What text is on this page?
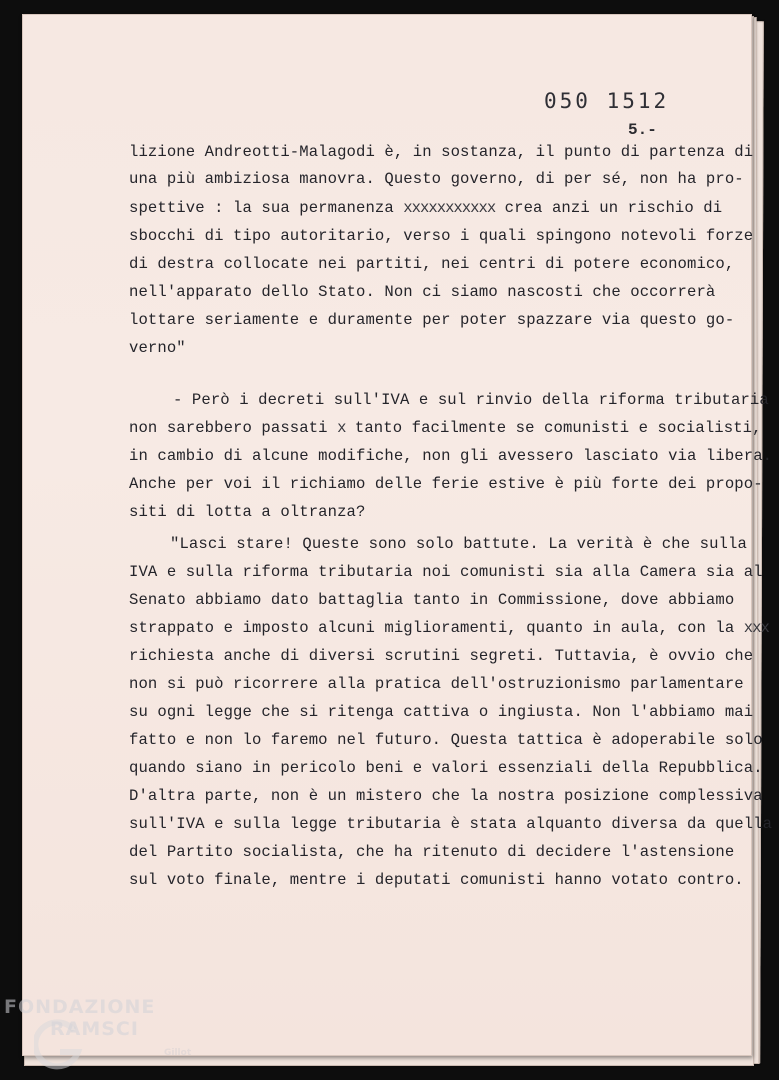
050 1512
5.-
lizione Andreotti-Malagodi è, in sostanza, il punto di partenza di
una più ambiziosa manovra. Questo governo, di per sé, non ha pro-
spettive : la sua permanenza xxxxxxxxxxx crea anzi un rischio di
sbocchi di tipo autoritario, verso i quali spingono notevoli forze
di destra collocate nei partiti, nei centri di potere economico,
nell'apparato dello Stato. Non ci siamo nascosti che occorrerà
lottare seriamente e duramente per poter spazzare via questo go-
verno"
- Però i decreti sull'IVA e sul rinvio della riforma tributaria
non sarebbero passati x tanto facilmente se comunisti e socialisti,
in cambio di alcune modifiche, non gli avessero lasciato via libera.
Anche per voi il richiamo delle ferie estive è più forte dei propo-
siti di lotta a oltranza?
"Lasci stare! Queste sono solo battute. La verità è che sulla
IVA e sulla riforma tributaria noi comunisti sia alla Camera sia al
Senato abbiamo dato battaglia tanto in Commissione, dove abbiamo
strappato e imposto alcuni miglioramenti, quanto in aula, con la xxx
richiesta anche di diversi scrutini segreti. Tuttavia, è ovvio che
non si può ricorrere alla pratica dell'ostruzionismo parlamentare
su ogni legge che si ritenga cattiva o ingiusta. Non l'abbiamo mai
fatto e non lo faremo nel futuro. Questa tattica è adoperabile solo
quando siano in pericolo beni e valori essenziali della Repubblica.
D'altra parte, non è un mistero che la nostra posizione complessiva
sull'IVA e sulla legge tributaria è stata alquanto diversa da quella
del Partito socialista, che ha ritenuto di decidere l'astensione
sul voto finale, mentre i deputati comunisti hanno votato contro.
FONDAZIONE
RAMSCI
Gillot
